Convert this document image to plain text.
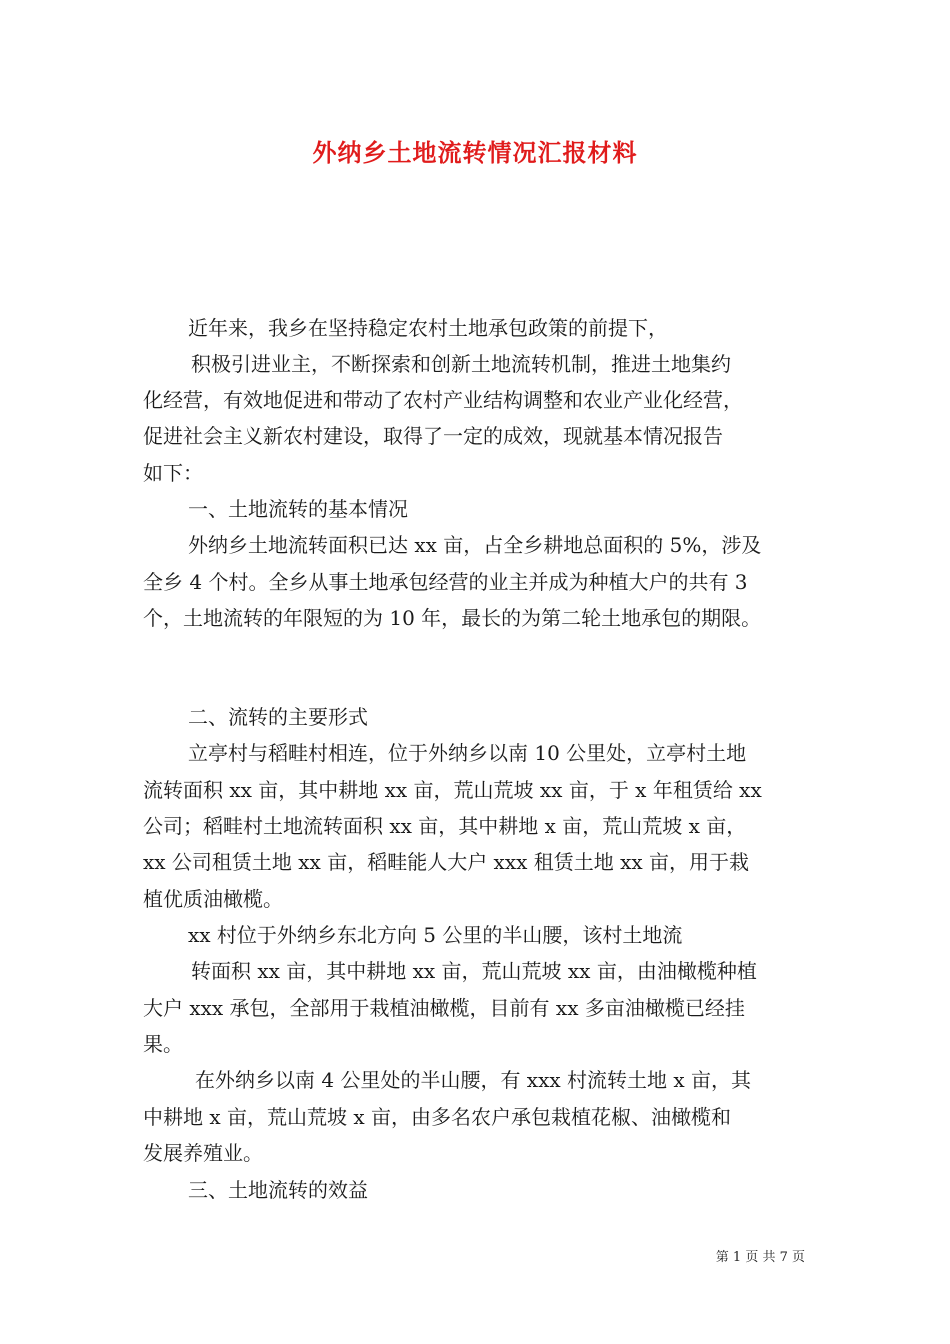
外纳乡土地流转情况汇报材料
近年来，我乡在坚持稳定农村土地承包政策的前提下，
积极引进业主，不断探索和创新土地流转机制，推进土地集约
化经营，有效地促进和带动了农村产业结构调整和农业产业化经营，
促进社会主义新农村建设，取得了一定的成效，现就基本情况报告
如下：
一、土地流转的基本情况
外纳乡土地流转面积已达 xx 亩，占全乡耕地总面积的 5%，涉及
全乡 4 个村。全乡从事土地承包经营的业主并成为种植大户的共有 3
个，土地流转的年限短的为 10 年，最长的为第二轮土地承包的期限。
二、流转的主要形式
立亭村与稻畦村相连，位于外纳乡以南 10 公里处，立亭村土地
流转面积 xx 亩，其中耕地 xx 亩，荒山荒坡 xx 亩，于 x 年租赁给 xx
公司；稻畦村土地流转面积 xx 亩，其中耕地 x 亩，荒山荒坡 x 亩，
xx 公司租赁土地 xx 亩，稻畦能人大户 xxx 租赁土地 xx 亩，用于栽
植优质油橄榄。
xx 村位于外纳乡东北方向 5 公里的半山腰，该村土地流
转面积 xx 亩，其中耕地 xx 亩，荒山荒坡 xx 亩，由油橄榄种植
大户 xxx 承包，全部用于栽植油橄榄，目前有 xx 多亩油橄榄已经挂
果。
在外纳乡以南 4 公里处的半山腰，有 xxx 村流转土地 x 亩，其
中耕地 x 亩，荒山荒坡 x 亩，由多名农户承包栽植花椒、油橄榄和
发展养殖业。
三、土地流转的效益
第 1 页 共 7 页
